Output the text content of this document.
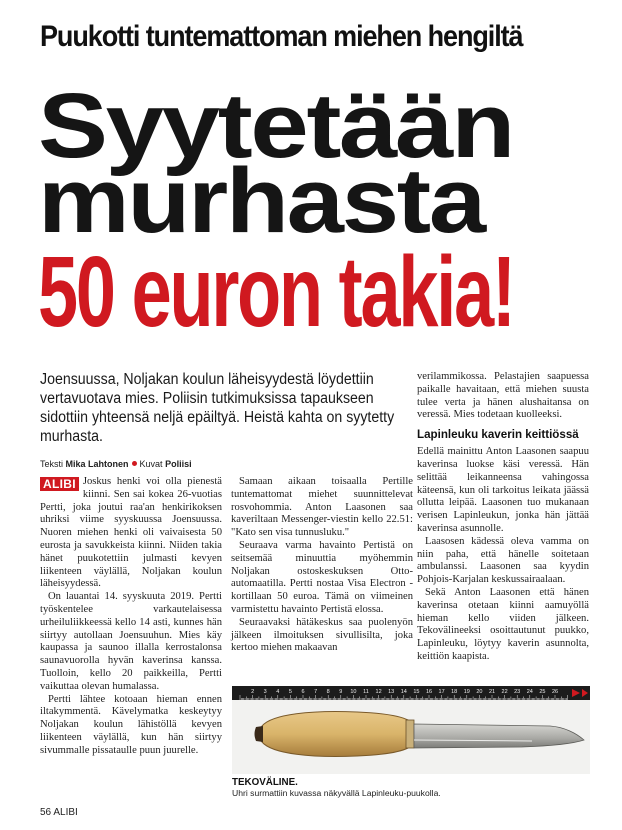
Puukotti tuntemattoman miehen hengiltä
Syytetään
murhasta
50 euron takia!
Joensuussa, Noljakan koulun läheisyydestä löydettiin vertavuotava mies. Poliisin tutkimuksissa tapaukseen sidottiin yhteensä neljä epäiltyä. Heistä kahta on syytetty murhasta.
Teksti Mika Lahtonen Kuvat Poliisi

ALIBI Joskus henki voi olla pienestä kiinni. Sen sai kokea 26-vuotias Pertti, joka joutui raa'an henkirikoksen uhriksi viime syyskuussa Joensuussa. Nuoren miehen henki oli vaivaisesta 50 eurosta ja savukkeista kiinni. Niiden takia hänet puukotettiin julmasti kevyen liikenteen väylällä, Noljakan koulun läheisyydessä.

On lauantai 14. syyskuuta 2019. Pertti työskentelee varkautelaisessa urheiluliikkeessä kello 14 asti, kunnes hän siirtyy autollaan Joensuuhun. Mies käy kaupassa ja saunoo illalla kerrostalonsa saunavuorolla hyvän kaverinsa kanssa. Tuolloin, kello 20 paikkeilla, Pertti vaikuttaa olevan humalassa.

Pertti lähtee kotoaan hieman ennen iltakymmentä. Kävelymatka keskeytyy Noljakan koulun lähistöllä kevyen liikenteen väylällä, kun hän siirtyy sivummalle pissataulle puun juurelle.

Samaan aikaan toisaalla Pertille tuntemattomat miehet suunnittelevat rosvohommia. Anton Laasonen saa kaveriltaan Messenger-viestin kello 22.51: "Kato sen visa tunnusluku."

Seuraava varma havainto Pertistä on seitsemää minuuttia myöhemmin Noljakan ostoskeskuksen Otto-automaatilla. Pertti nostaa Visa Electron -kortillaan 50 euroa. Tämä on viimeinen varmistettu havainto Pertistä elossa.

Seuraavaksi hätäkeskus saa puolenyön jälkeen ilmoituksen sivullisilta, joka kertoo miehen makaavan

verilammikossa. Pelastajien saapuessa paikalle havaitaan, että miehen suusta tulee verta ja hänen alushaitansa on veressä. Mies todetaan kuolleeksi.

Lapinleuku kaverin keittiössä

Edellä mainittu Anton Laasonen saapuu kaverinsa luokse käsi veressä. Hän selittää leikanneensa vahingossa käteensä, kun oli tarkoitus leikata jäässä ollutta leipää. Laasonen tuo mukanaan verisen Lapinleukun, jonka hän jättää kaverinsa asunnolle.

Laasosen kädessä oleva vamma on niin paha, että hänelle soitetaan ambulanssi. Laasonen saa kyydin Pohjois-Karjalan keskussairaalaan.

Sekä Anton Laasonen että hänen kaverinsa otetaan kiinni aamuyöllä hieman kello viiden jälkeen. Tekovälineeksi osoittautunut puukko, Lapinleuku, löytyy kaverin asunnolta, keittiön kaapista.

2 3 4 5 6 7 8 9 10 11 12 13 14 15 16 17 18 19 20 21 22 23 24 25 26
TEKOVÄLINE.
Uhri surmattiin kuvassa näkyvällä Lapinleuku-puukolla.
56 ALIBI
